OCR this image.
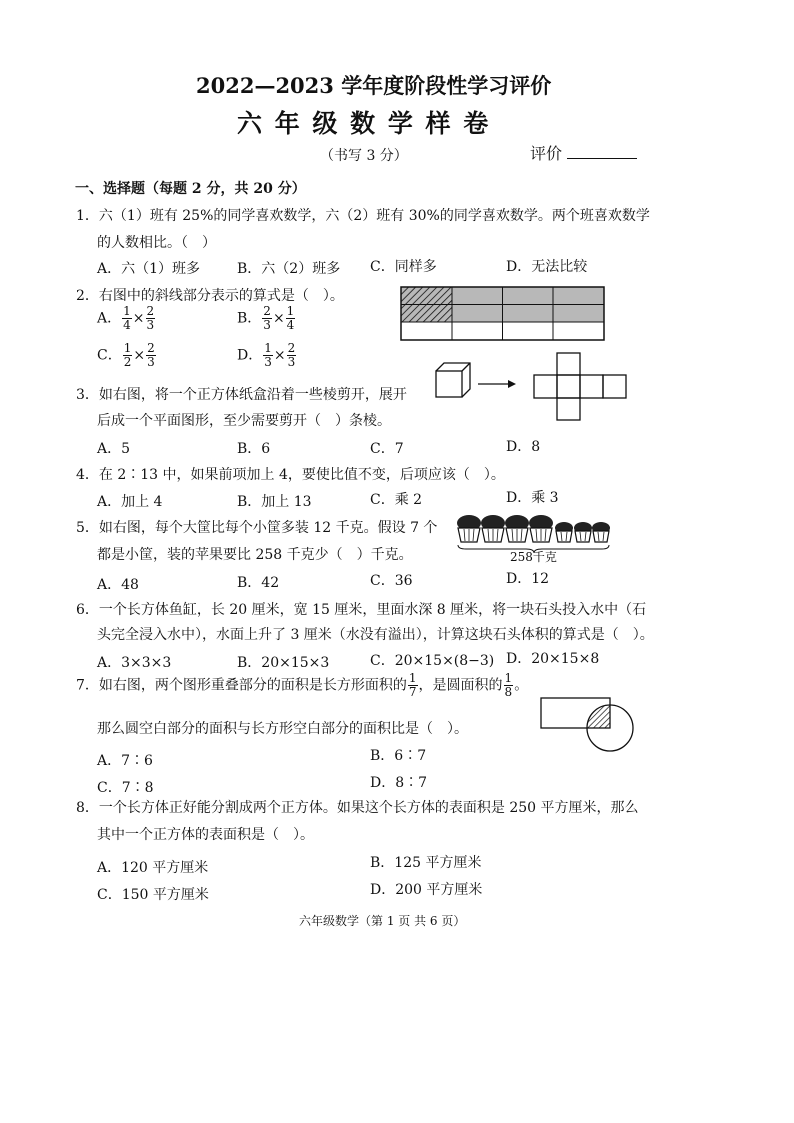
2022—2023 学年度阶段性学习评价
六 年 级 数 学 样 卷
（书写 3 分）	评价
一、选择题（每题 2 分，共 20 分）
1．六（1）班有 25%的同学喜欢数学，六（2）班有 30%的同学喜欢数学。两个班喜欢数学
的人数相比。（　）
A．六（1）班多	B．六（2）班多 C．同样多	D．无法比较
2．右图中的斜线部分表示的算式是（　）。
A． $\frac{1}{4} \times \frac{2}{3}$	B． $\frac{2}{3} \times \frac{1}{4}$
C． $\frac{1}{2} \times \frac{2}{3}$	D． $\frac{1}{3} \times \frac{2}{3}$
3．如右图，将一个正方体纸盒沿着一些棱剪开，展开
后成一个平面图形，至少需要剪开（　）条棱。
A．5	B．6	C．7	D．8
4．在 2∶13 中，如果前项加上 4，要使比值不变，后项应该（　）。
A．加上 4	B．加上 13	C．乘 2	D．乘 3
5．如右图，每个大筐比每个小筐多装 12 千克。假设 7 个
都是小筐，装的苹果要比 258 千克少（　）千克。
A．48	B．42	C．36	D．12
258千克
6．一个长方体鱼缸，长 20 厘米，宽 15 厘米，里面水深 8 厘米，将一块石头投入水中（石
头完全浸入水中），水面上升了 3 厘米（水没有溢出），计算这块石头体积的算式是（　）。
A．3×3×3	B．20×15×3	C．20×15×(8−3) D．20×15×8
7．如右图，两个图形重叠部分的面积是长方形面积的 $\frac{1}{7}$ ，是圆面积的 $\frac{1}{8}$ 。
那么圆空白部分的面积与长方形空白部分的面积比是（　）。
A．7∶6	B．6∶7
C．7∶8	D．8∶7
8．一个长方体正好能分割成两个正方体。如果这个长方体的表面积是 250 平方厘米，那么
其中一个正方体的表面积是（　）。
A．120 平方厘米	B．125 平方厘米
C．150 平方厘米	D．200 平方厘米
六年级数学（第 1 页 共 6 页）
